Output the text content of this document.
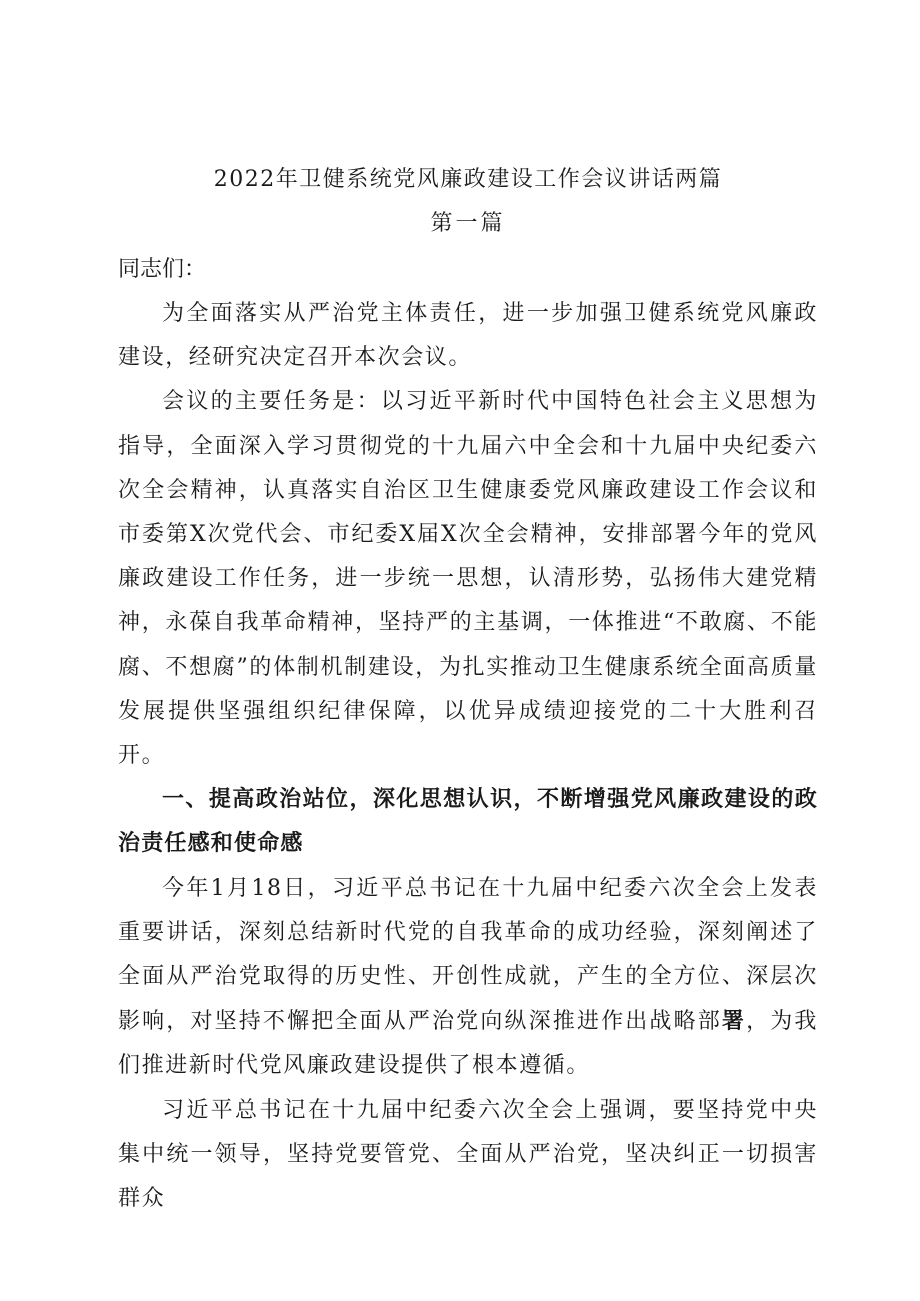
2022年卫健系统党风廉政建设工作会议讲话两篇

第一篇

同志们：

为全面落实从严治党主体责任，进一步加强卫健系统党风廉政建设，经研究决定召开本次会议。

会议的主要任务是：以习近平新时代中国特色社会主义思想为指导，全面深入学习贯彻党的十九届六中全会和十九届中央纪委六次全会精神，认真落实自治区卫生健康委党风廉政建设工作会议和市委第X次党代会、市纪委X届X次全会精神，安排部署今年的党风廉政建设工作任务，进一步统一思想，认清形势，弘扬伟大建党精神，永葆自我革命精神，坚持严的主基调，一体推进“不敢腐、不能腐、不想腐”的体制机制建设，为扎实推动卫生健康系统全面高质量发展提供坚强组织纪律保障，以优异成绩迎接党的二十大胜利召开。

一、提高政治站位，深化思想认识，不断增强党风廉政建设的政治责任感和使命感

今年1月18日，习近平总书记在十九届中纪委六次全会上发表重要讲话，深刻总结新时代党的自我革命的成功经验，深刻阐述了全面从严治党取得的历史性、开创性成就，产生的全方位、深层次影响，对坚持不懈把全面从严治党向纵深推进作出战略部署，为我们推进新时代党风廉政建设提供了根本遵循。

习近平总书记在十九届中纪委六次全会上强调，要坚持党中央集中统一领导，坚持党要管党、全面从严治党，坚决纠正一切损害群众
